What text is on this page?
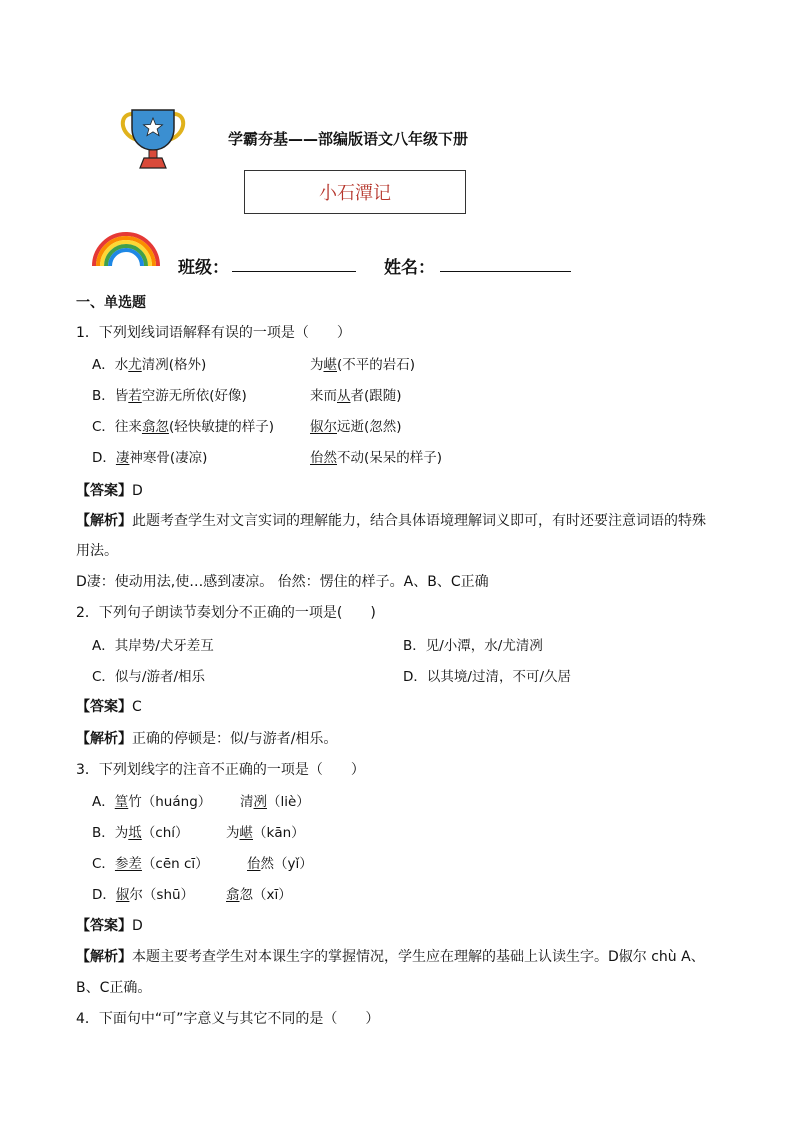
学霸夯基——部编版语文八年级下册
小石潭记
班级：	姓名：
一、单选题
1．下列划线词语解释有误的一项是（　　）
A．水尤清冽(格外)	为嵁(不平的岩石)
B．皆若空游无所依(好像)	来而从者(跟随)
C．往来翕忽(轻快敏捷的样子)	俶尔远逝(忽然)
D．凄神寒骨(凄凉)	佁然不动(呆呆的样子)
【答案】D
【解析】此题考查学生对文言实词的理解能力，结合具体语境理解词义即可，有时还要注意词语的特殊
用法。
D凄：使动用法,使…感到凄凉。 佁然：愣住的样子。A、B、C正确
2．下列句子朗读节奏划分不正确的一项是(　　)
A．其岸势/犬牙差互	B．见/小潭，水/尤清冽
C．似与/游者/相乐	D．以其境/过清，不可/久居
【答案】C
【解析】正确的停顿是：似/与游者/相乐。
3．下列划线字的注音不正确的一项是（　　）
A．篁竹（huáng） 清冽（liè）
B．为坻（chí）	为嵁（kān）
C．参差（cēn cī）	佁然（yǐ）
D．俶尔（shū） 翕忽（xī）
【答案】D
【解析】本题主要考查学生对本课生字的掌握情况，学生应在理解的基础上认读生字。D俶尔 chù A、
B、C正确。
4．下面句中“可”字意义与其它不同的是（　　）
